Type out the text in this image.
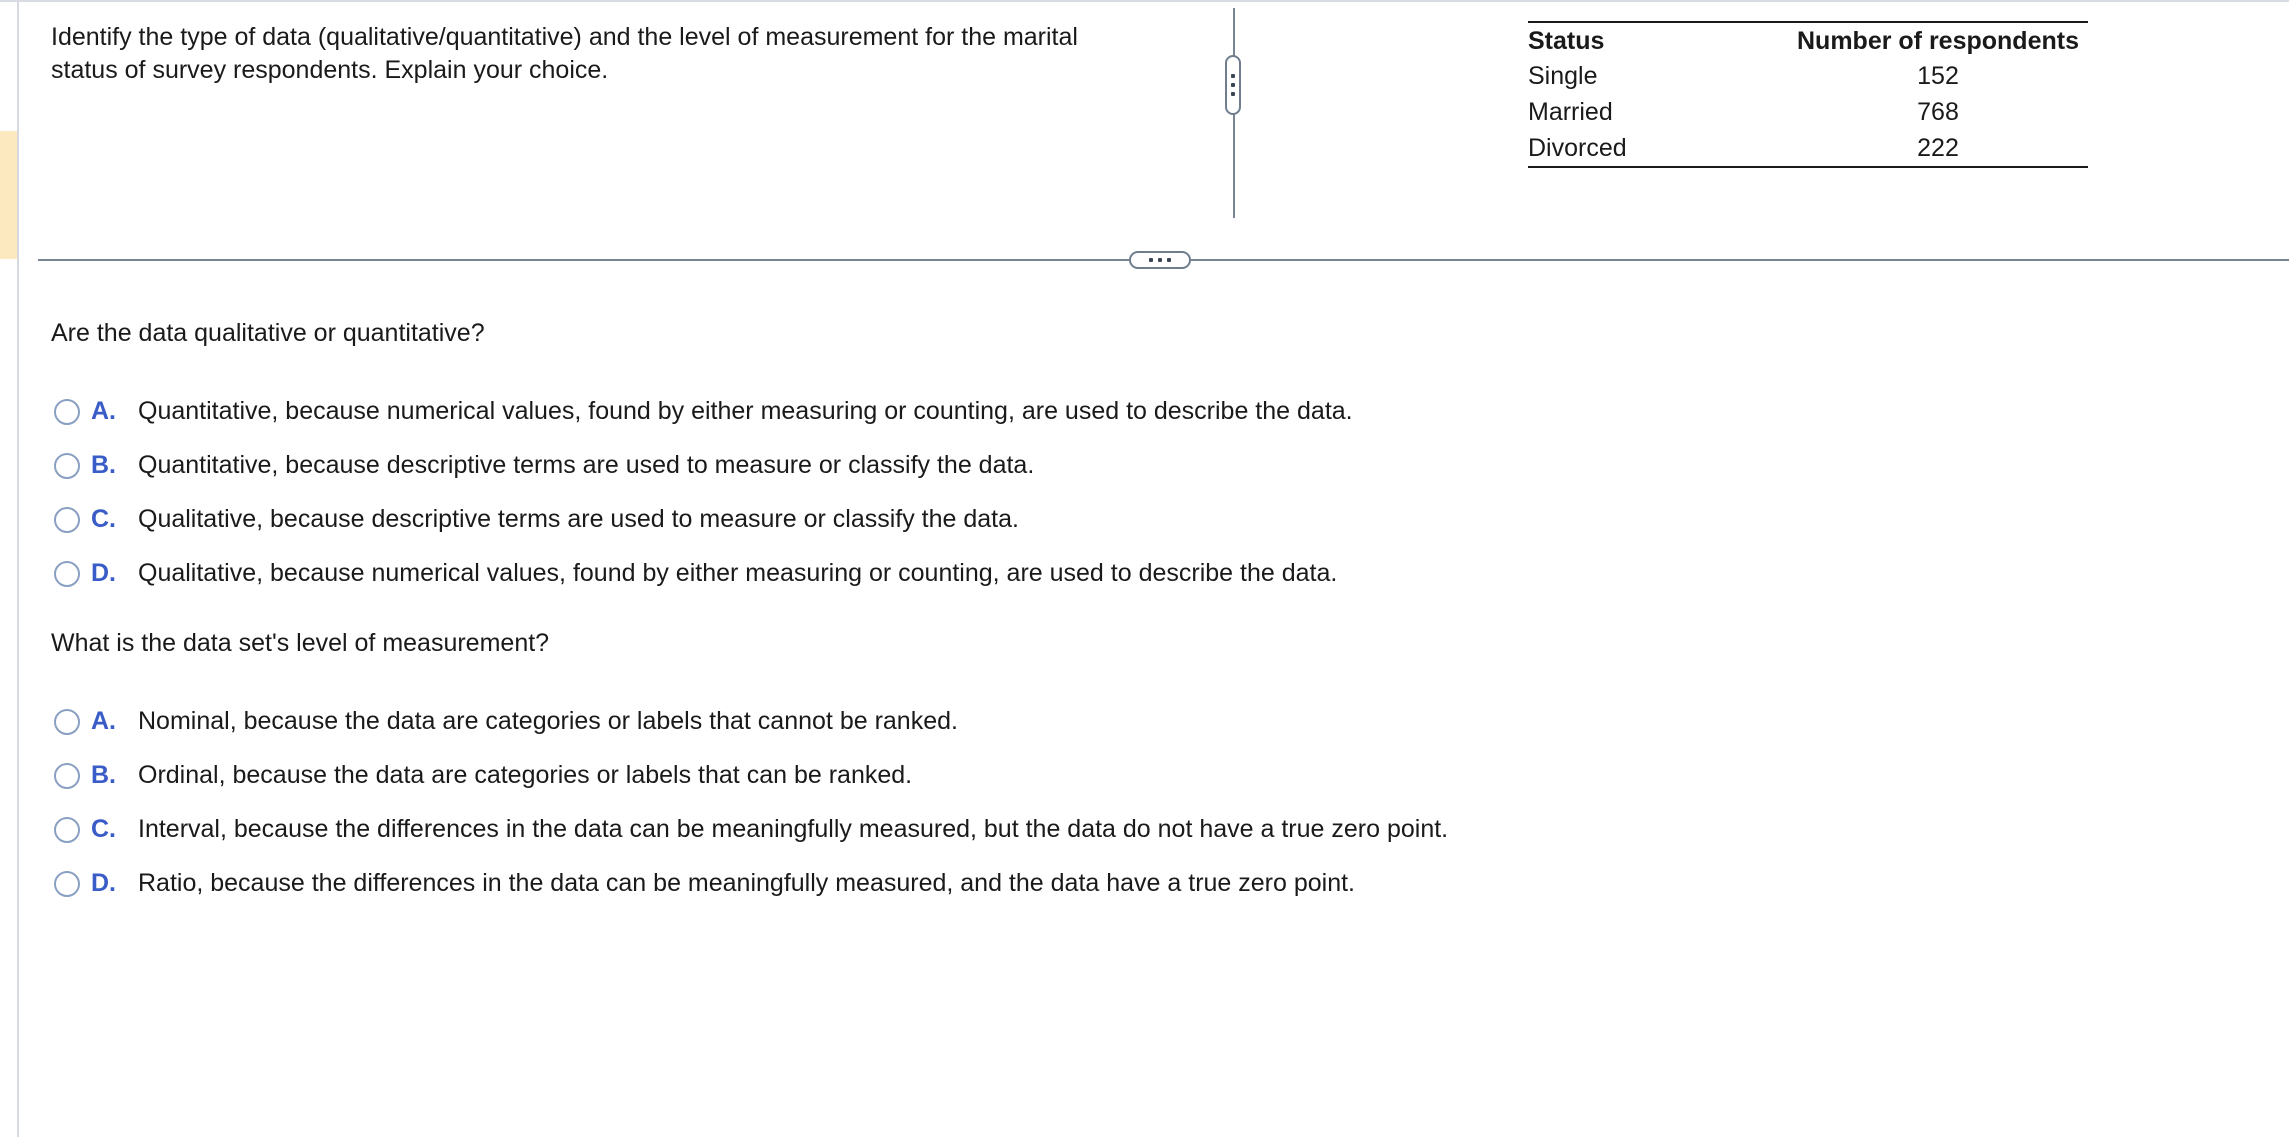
Identify the type of data (qualitative/quantitative) and the level of measurement for the marital status of survey respondents. Explain your choice.
Status	Number of respondents
Single	152
Married	768
Divorced	222
Are the data qualitative or quantitative?
A. Quantitative, because numerical values, found by either measuring or counting, are used to describe the data.
B. Quantitative, because descriptive terms are used to measure or classify the data.
C. Qualitative, because descriptive terms are used to measure or classify the data.
D. Qualitative, because numerical values, found by either measuring or counting, are used to describe the data.
What is the data set's level of measurement?
A. Nominal, because the data are categories or labels that cannot be ranked.
B. Ordinal, because the data are categories or labels that can be ranked.
C. Interval, because the differences in the data can be meaningfully measured, but the data do not have a true zero point.
D. Ratio, because the differences in the data can be meaningfully measured, and the data have a true zero point.
